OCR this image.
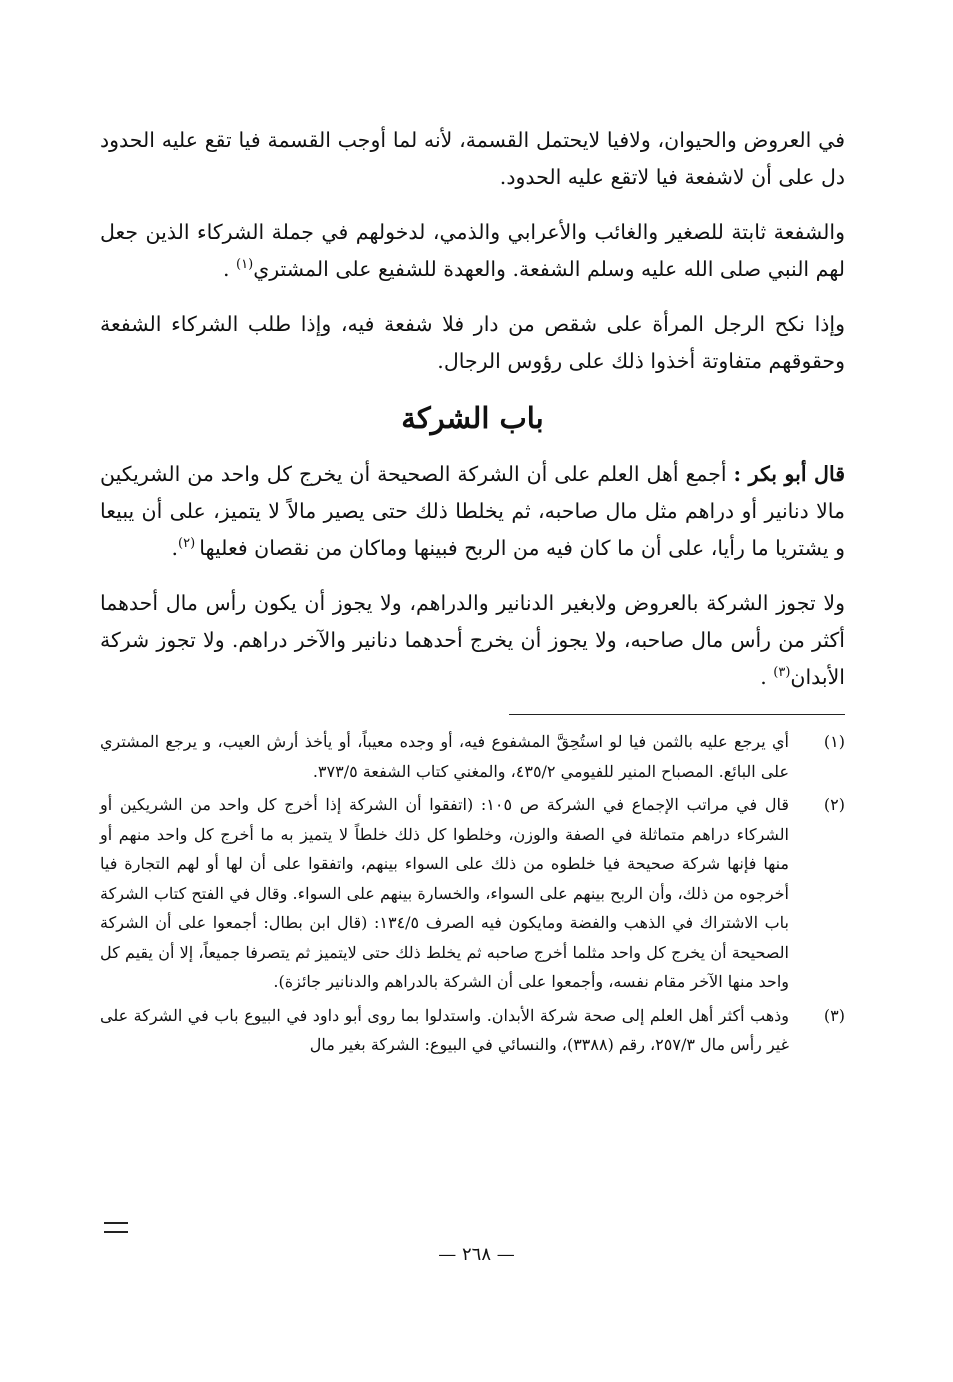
في العروض والحيوان، ولافيا لايحتمل القسمة، لأنه لما أوجب القسمة فيا تقع عليه الحدود دل على أن لاشفعة فيا لاتقع عليه الحدود.

والشفعة ثابتة للصغير والغائب والأعرابي والذمي، لدخولهم في جملة الشركاء الذين جعل لهم النبي صلى الله عليه وسلم الشفعة. والعهدة للشفيع على المشتري$^{(١)}$ .

وإذا نكح الرجل المرأة على شقص من دار فلا شفعة فيه، وإذا طلب الشركاء الشفعة وحقوقهم متفاوتة أخذوا ذلك على رؤوس الرجال.

باب الشركة

قال أبو بكر : أجمع أهل العلم على أن الشركة الصحيحة أن يخرج كل واحد من الشريكين مالا دنانير أو دراهم مثل مال صاحبه، ثم يخلطا ذلك حتى يصير مالاً لا يتميز، على أن يبيعا و يشتريا ما رأيا، على أن ما كان فيه من الربح فبينها وماكان من نقصان فعليها $^{(٢)}$.

ولا تجوز الشركة بالعروض ولابغير الدنانير والدراهم، ولا يجوز أن يكون رأس مال أحدهما أكثر من رأس مال صاحبه، ولا يجوز أن يخرج أحدهما دنانير والآخر دراهم. ولا تجوز شركة الأبدان$^{(٣)}$ .

(١)
أي يرجع عليه بالثمن فيا لو استُحِقَّ المشفوع فيه، أو وجده معيباً، أو يأخذ أرش العيب، و يرجع المشتري على البائع. المصباح المنير للفيومي ٤٣٥/٢، والمغني كتاب الشفعة ٣٧٣/٥.
(٢)
قال في مراتب الإجماع في الشركة ص ١٠٥: (اتفقوا أن الشركة إذا أخرج كل واحد من الشريكين أو الشركاء دراهم متماثلة في الصفة والوزن، وخلطوا كل ذلك خلطاً لا يتميز به ما أخرج كل واحد منهم أو منها فإنها شركة صحيحة فيا خلطوه من ذلك على السواء بينهم، واتفقوا على أن لها أو لهم التجارة فيا أخرجوه من ذلك، وأن الربح بينهم على السواء، والخسارة بينهم على السواء. وقال في الفتح كتاب الشركة باب الاشتراك في الذهب والفضة ومايكون فيه الصرف ١٣٤/٥: (قال ابن بطال: أجمعوا على أن الشركة الصحيحة أن يخرج كل واحد مثلما أخرج صاحبه ثم يخلط ذلك حتى لايتميز ثم يتصرفا جميعاً، إلا أن يقيم كل واحد منها الآخر مقام نفسه، وأجمعوا على أن الشركة بالدراهم والدنانير جائزة).
(٣)
وذهب أكثر أهل العلم إلى صحة شركة الأبدان. واستدلوا بما روى أبو داود في البيوع باب في الشركة على غير رأس مال ٢٥٧/٣، رقم (٣٣٨٨)، والنسائي في البيوع: الشركة بغير مال
— ٢٦٨ —
